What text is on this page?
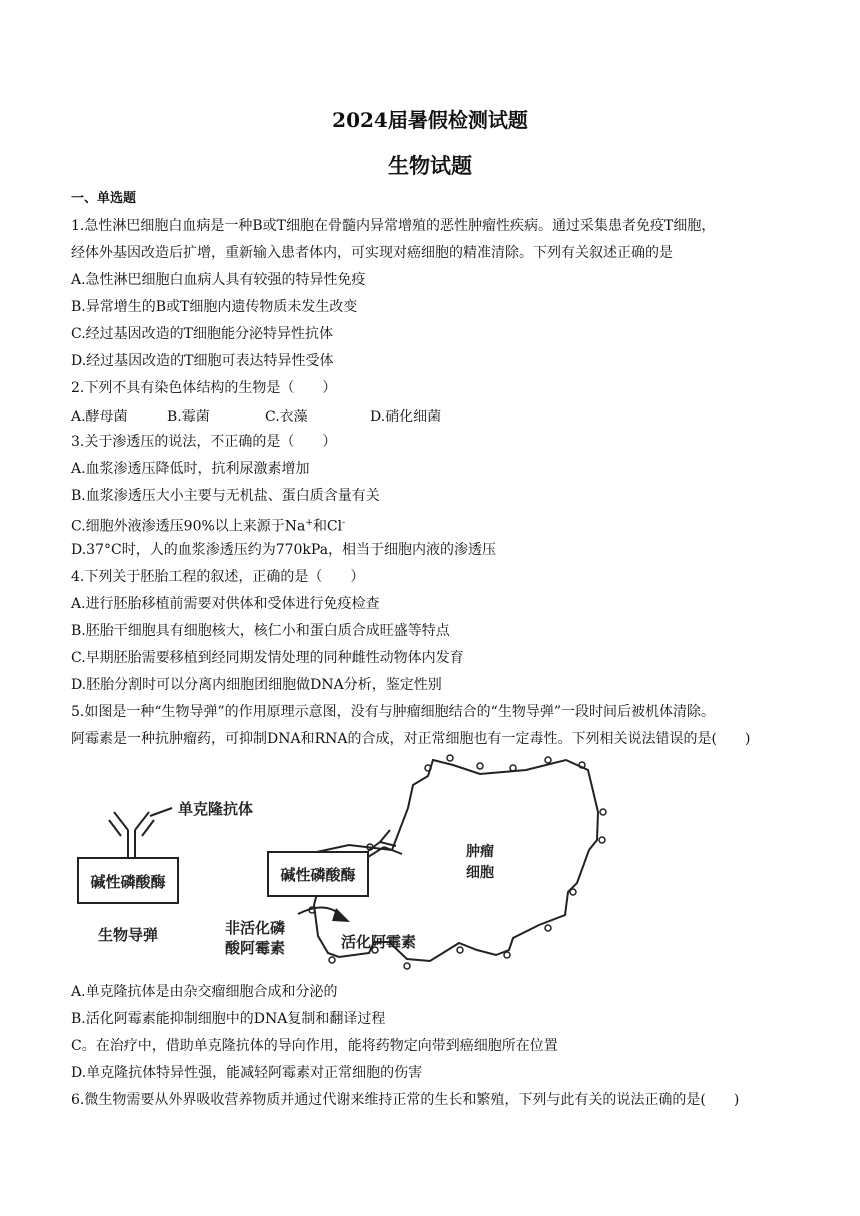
2024届暑假检测试题
生物试题
一、单选题
1.急性淋巴细胞白血病是一种B或T细胞在骨髓内异常增殖的恶性肿瘤性疾病。通过采集患者免疫T细胞，
经体外基因改造后扩增，重新输入患者体内，可实现对癌细胞的精准清除。下列有关叙述正确的是
A.急性淋巴细胞白血病人具有较强的特异性免疫
B.异常增生的B或T细胞内遗传物质未发生改变
C.经过基因改造的T细胞能分泌特异性抗体
D.经过基因改造的T细胞可表达特异性受体
2.下列不具有染色体结构的生物是（　　）
A.酵母菌	B.霉菌	C.衣藻	D.硝化细菌
3.关于渗透压的说法，不正确的是（　　）
A.血浆渗透压降低时，抗利尿激素增加
B.血浆渗透压大小主要与无机盐、蛋白质含量有关
C.细胞外液渗透压90%以上来源于Na+和Cl-
D.37°C时，人的血浆渗透压约为770kPa，相当于细胞内液的渗透压
4.下列关于胚胎工程的叙述，正确的是（　　）
A.进行胚胎移植前需要对供体和受体进行免疫检查
B.胚胎干细胞具有细胞核大，核仁小和蛋白质合成旺盛等特点
C.早期胚胎需要移植到经同期发情处理的同种雌性动物体内发育
D.胚胎分割时可以分离内细胞团细胞做DNA分析，鉴定性别
5.如图是一种“生物导弹”的作用原理示意图，没有与肿瘤细胞结合的“生物导弹”一段时间后被机体清除。
阿霉素是一种抗肿瘤药，可抑制DNA和RNA的合成，对正常细胞也有一定毒性。下列相关说法错误的是(　　)
单克隆抗体
碱性磷酸酶
生物导弹
肿瘤
细胞
碱性磷酸酶
非活化磷
酸阿霉素	活化阿霉素
A.单克隆抗体是由杂交瘤细胞合成和分泌的
B.活化阿霉素能抑制细胞中的DNA复制和翻译过程
C。在治疗中，借助单克隆抗体的导向作用，能将药物定向带到癌细胞所在位置
D.单克隆抗体特异性强，能减轻阿霉素对正常细胞的伤害
6.微生物需要从外界吸收营养物质并通过代谢来维持正常的生长和繁殖，下列与此有关的说法正确的是(　　)
